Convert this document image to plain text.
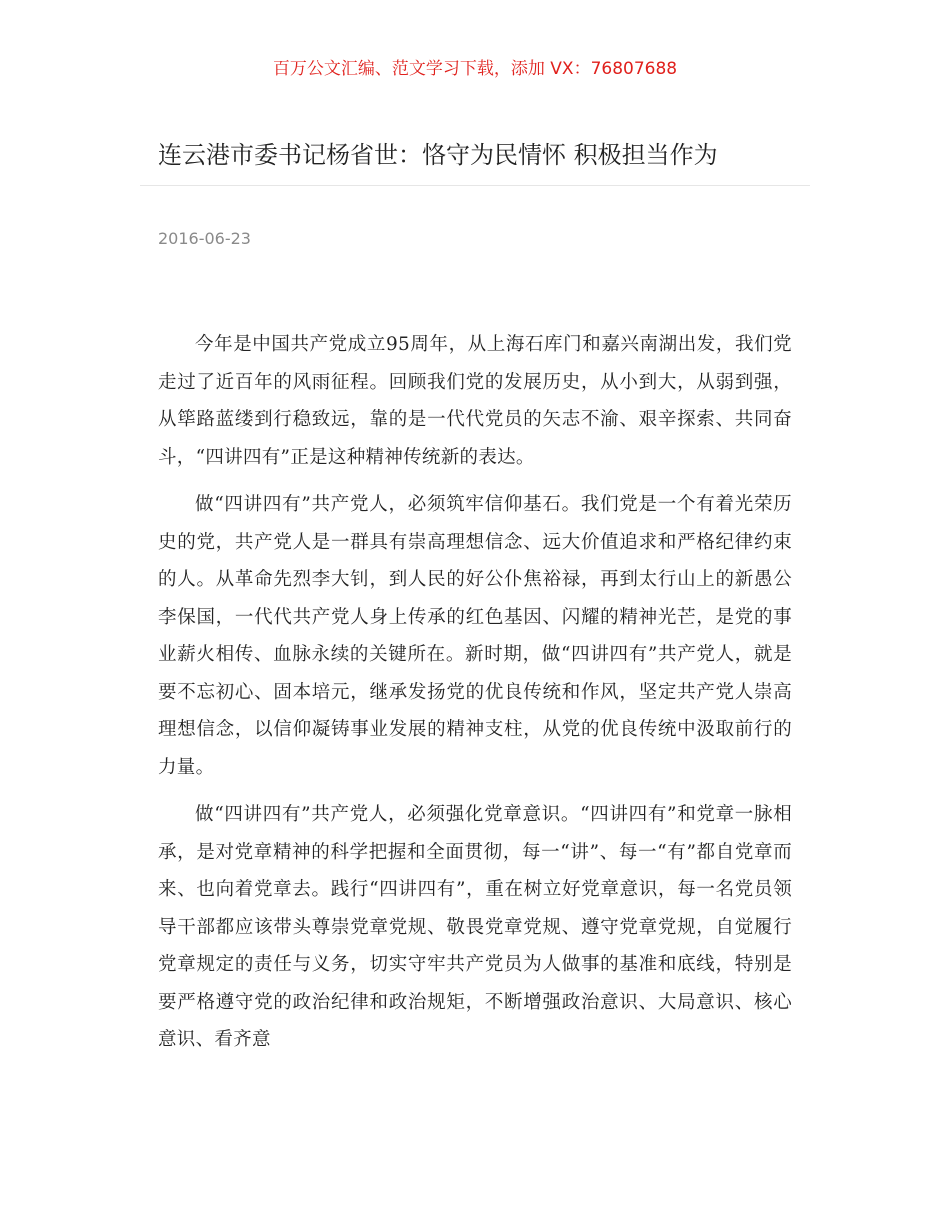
百万公文汇编、范文学习下载，添加 VX：76807688
连云港市委书记杨省世：恪守为民情怀 积极担当作为
2016-06-23

今年是中国共产党成立95周年，从上海石库门和嘉兴南湖出发，我们党走过了近百年的风雨征程。回顾我们党的发展历史，从小到大，从弱到强，从筚路蓝缕到行稳致远，靠的是一代代党员的矢志不渝、艰辛探索、共同奋斗，“四讲四有”正是这种精神传统新的表达。

做“四讲四有”共产党人，必须筑牢信仰基石。我们党是一个有着光荣历史的党，共产党人是一群具有崇高理想信念、远大价值追求和严格纪律约束的人。从革命先烈李大钊，到人民的好公仆焦裕禄，再到太行山上的新愚公李保国，一代代共产党人身上传承的红色基因、闪耀的精神光芒，是党的事业薪火相传、血脉永续的关键所在。新时期，做“四讲四有”共产党人，就是要不忘初心、固本培元，继承发扬党的优良传统和作风，坚定共产党人崇高理想信念，以信仰凝铸事业发展的精神支柱，从党的优良传统中汲取前行的力量。

做“四讲四有”共产党人，必须强化党章意识。“四讲四有”和党章一脉相承，是对党章精神的科学把握和全面贯彻，每一“讲”、每一“有”都自党章而来、也向着党章去。践行“四讲四有”，重在树立好党章意识，每一名党员领导干部都应该带头尊崇党章党规、敬畏党章党规、遵守党章党规，自觉履行党章规定的责任与义务，切实守牢共产党员为人做事的基准和底线，特别是要严格遵守党的政治纪律和政治规矩，不断增强政治意识、大局意识、核心意识、看齐意
